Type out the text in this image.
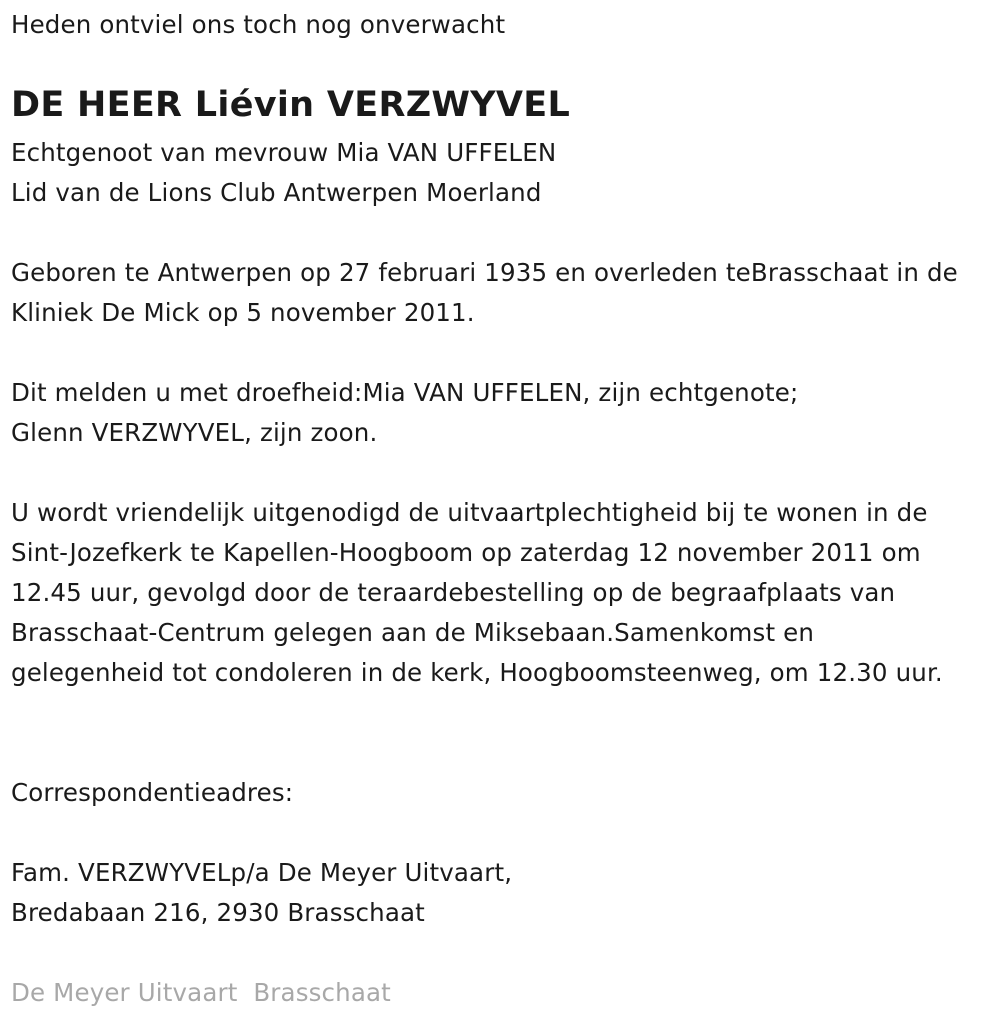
Heden ontviel ons toch nog onverwacht
DE HEER Liévin VERZWYVEL
Echtgenoot van mevrouw Mia VAN UFFELEN
Lid van de Lions Club Antwerpen Moerland

Geboren te Antwerpen op 27 februari 1935 en overleden teBrasschaat in de Kliniek De Mick op 5 november 2011.

Dit melden u met droefheid:Mia VAN UFFELEN, zijn echtgenote;
Glenn VERZWYVEL, zijn zoon.

U wordt vriendelijk uitgenodigd de uitvaartplechtigheid bij te wonen in de Sint-Jozefkerk te Kapellen-Hoogboom op zaterdag 12 november 2011 om 12.45 uur, gevolgd door de teraardebestelling op de begraafplaats van Brasschaat-Centrum gelegen aan de Miksebaan.Samenkomst en gelegenheid tot condoleren in de kerk, Hoogboomsteenweg, om 12.30 uur.

Correspondentieadres:
Fam. VERZWYVELp/a De Meyer Uitvaart,
Bredabaan 216, 2930 Brasschaat
De Meyer Uitvaart  Brasschaat
